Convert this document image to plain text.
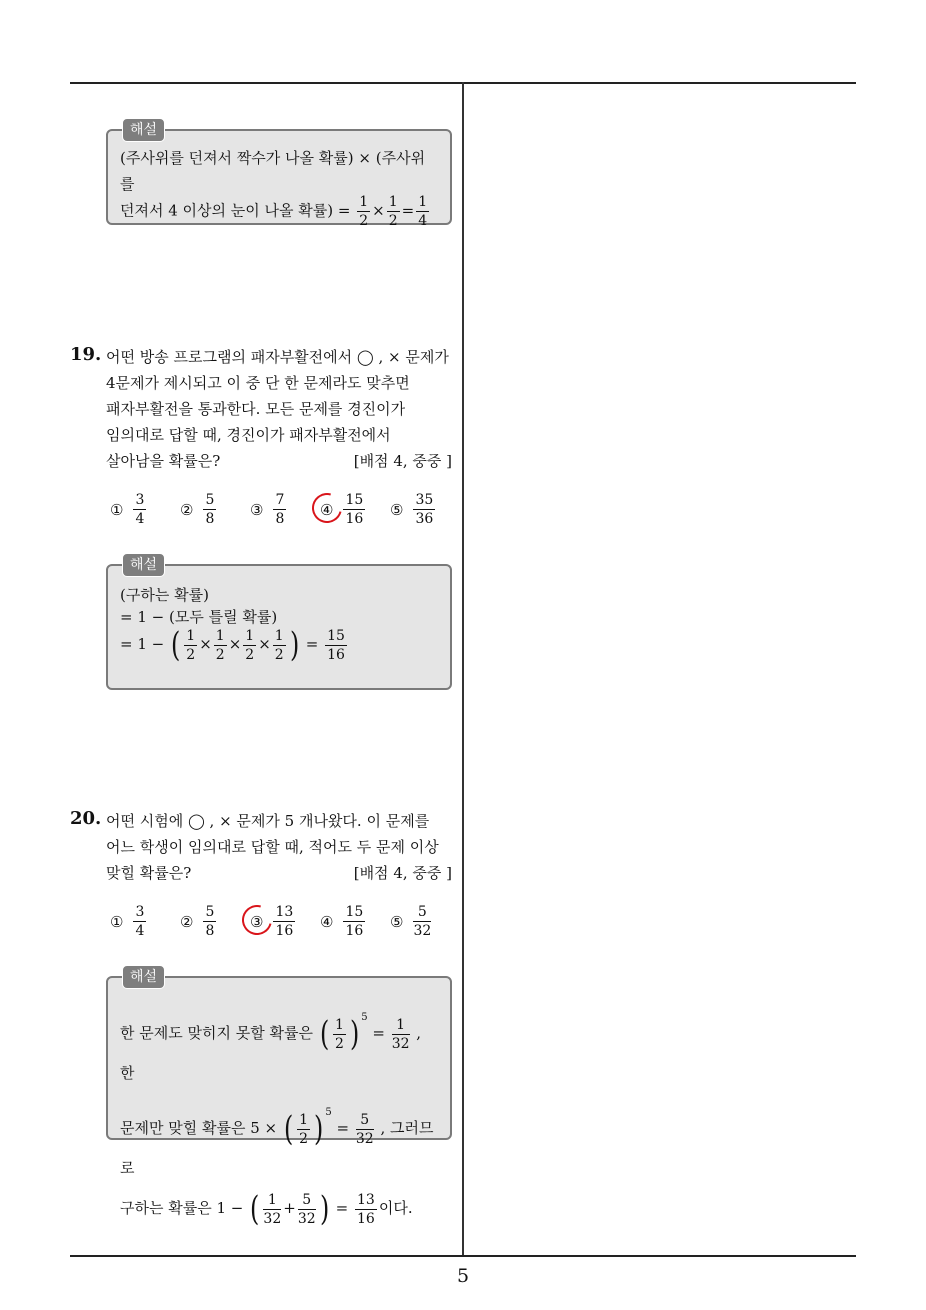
해설
(주사위를 던져서 짝수가 나올 확률) × (주사위를
던져서 4 이상의 눈이 나올 확률) = $\frac{1}{2} \times \frac{1}{2} = \frac{1}{4}$
19. 어떤 방송 프로그램의 패자부활전에서 ◯ , × 문제가
4문제가 제시되고 이 중 단 한 문제라도 맞추면
패자부활전을 통과한다. 모든 문제를 경진이가
임의대로 답할 때, 경진이가 패자부활전에서
살아남을 확률은?	[배점 4, 중중 ]
① $\frac{3}{4}$ ② $\frac{5}{8}$ ③ $\frac{7}{8}$ ④ $\frac{15}{16}$ ⑤ $\frac{35}{36}$
해설
(구하는 확률)
= 1 − (모두 틀릴 확률)
= 1 − ( $\frac{1}{2} \times \frac{1}{2} \times \frac{1}{2} \times \frac{1}{2}$ ) = $\frac{15}{16}$
20. 어떤 시험에 ◯ , × 문제가 5 개나왔다. 이 문제를
어느 학생이 임의대로 답할 때, 적어도 두 문제 이상
맞힐 확률은?	[배점 4, 중중 ]
① $\frac{3}{4}$ ② $\frac{5}{8}$ ③ $\frac{13}{16}$ ④ $\frac{15}{16}$ ⑤ $\frac{5}{32}$
해설
한 문제도 맞히지 못할 확률은 ( $\frac{1}{2}$ ) $^5 = \frac{1}{32}$ , 한
문제만 맞힐 확률은 5 × ( $\frac{1}{2}$ ) $^5 = \frac{5}{32}$ , 그러므로
구하는 확률은 1 − ( $\frac{1}{32} + \frac{5}{32}$ ) = $\frac{13}{16}$ 이다.
5
